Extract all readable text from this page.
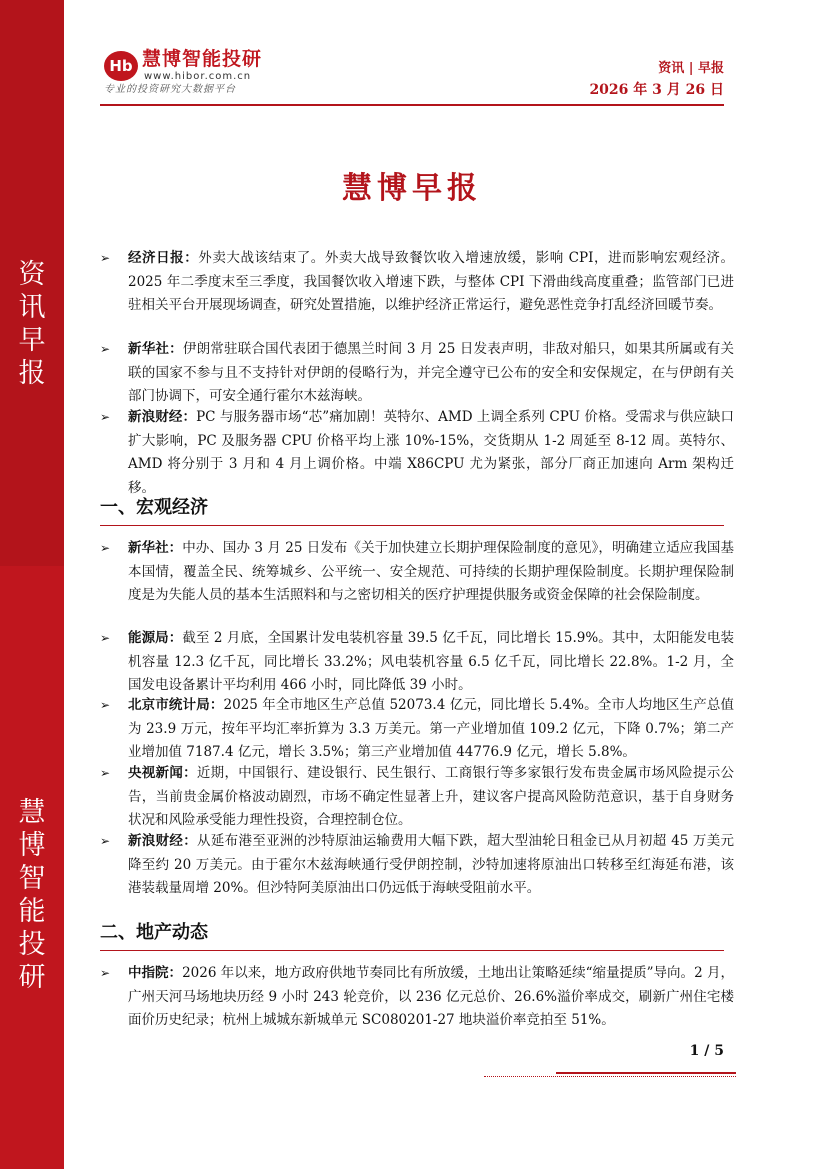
资
讯
早
报
慧
博
智
能
投
研
Hb 慧博智能投研
www.hibor.com.cn
专业的投资研究大数据平台
资讯 | 早报
2026 年 3 月 26 日
慧博早报
➢ 经济日报：外卖大战该结束了。外卖大战导致餐饮收入增速放缓，影响 CPI，进而影响宏观经济。2025 年二季度末至三季度，我国餐饮收入增速下跌，与整体 CPI 下滑曲线高度重叠；监管部门已进驻相关平台开展现场调查，研究处置措施，以维护经济正常运行，避免恶性竞争打乱经济回暖节奏。

➢ 新华社：伊朗常驻联合国代表团于德黑兰时间 3 月 25 日发表声明，非敌对船只，如果其所属或有关联的国家不参与且不支持针对伊朗的侵略行为，并完全遵守已公布的安全和安保规定，在与伊朗有关部门协调下，可安全通行霍尔木兹海峡。

➢ 新浪财经：PC 与服务器市场“芯”痛加剧！英特尔、AMD 上调全系列 CPU 价格。受需求与供应缺口扩大影响，PC 及服务器 CPU 价格平均上涨 10%-15%，交货期从 1-2 周延至 8-12 周。英特尔、AMD 将分别于 3 月和 4 月上调价格。中端 X86CPU 尤为紧张，部分厂商正加速向 Arm 架构迁移。

一、宏观经济
➢ 新华社：中办、国办 3 月 25 日发布《关于加快建立长期护理保险制度的意见》，明确建立适应我国基本国情，覆盖全民、统筹城乡、公平统一、安全规范、可持续的长期护理保险制度。长期护理保险制度是为失能人员的基本生活照料和与之密切相关的医疗护理提供服务或资金保障的社会保险制度。

➢ 能源局：截至 2 月底，全国累计发电装机容量 39.5 亿千瓦，同比增长 15.9%。其中，太阳能发电装机容量 12.3 亿千瓦，同比增长 33.2%；风电装机容量 6.5 亿千瓦，同比增长 22.8%。1-2 月，全国发电设备累计平均利用 466 小时，同比降低 39 小时。

➢ 北京市统计局：2025 年全市地区生产总值 52073.4 亿元，同比增长 5.4%。全市人均地区生产总值为 23.9 万元，按年平均汇率折算为 3.3 万美元。第一产业增加值 109.2 亿元，下降 0.7%；第二产业增加值 7187.4 亿元，增长 3.5%；第三产业增加值 44776.9 亿元，增长 5.8%。

➢ 央视新闻：近期，中国银行、建设银行、民生银行、工商银行等多家银行发布贵金属市场风险提示公告，当前贵金属价格波动剧烈，市场不确定性显著上升，建议客户提高风险防范意识，基于自身财务状况和风险承受能力理性投资，合理控制仓位。

➢ 新浪财经：从延布港至亚洲的沙特原油运输费用大幅下跌，超大型油轮日租金已从月初超 45 万美元降至约 20 万美元。由于霍尔木兹海峡通行受伊朗控制，沙特加速将原油出口转移至红海延布港，该港装载量周增 20%。但沙特阿美原油出口仍远低于海峡受阻前水平。

二、地产动态
➢ 中指院：2026 年以来，地方政府供地节奏同比有所放缓，土地出让策略延续“缩量提质”导向。2 月，广州天河马场地块历经 9 小时 243 轮竞价，以 236 亿元总价、26.6%溢价率成交，刷新广州住宅楼面价历史纪录；杭州上城城东新城单元 SC080201-27 地块溢价率竞拍至 51%。

1 / 5
